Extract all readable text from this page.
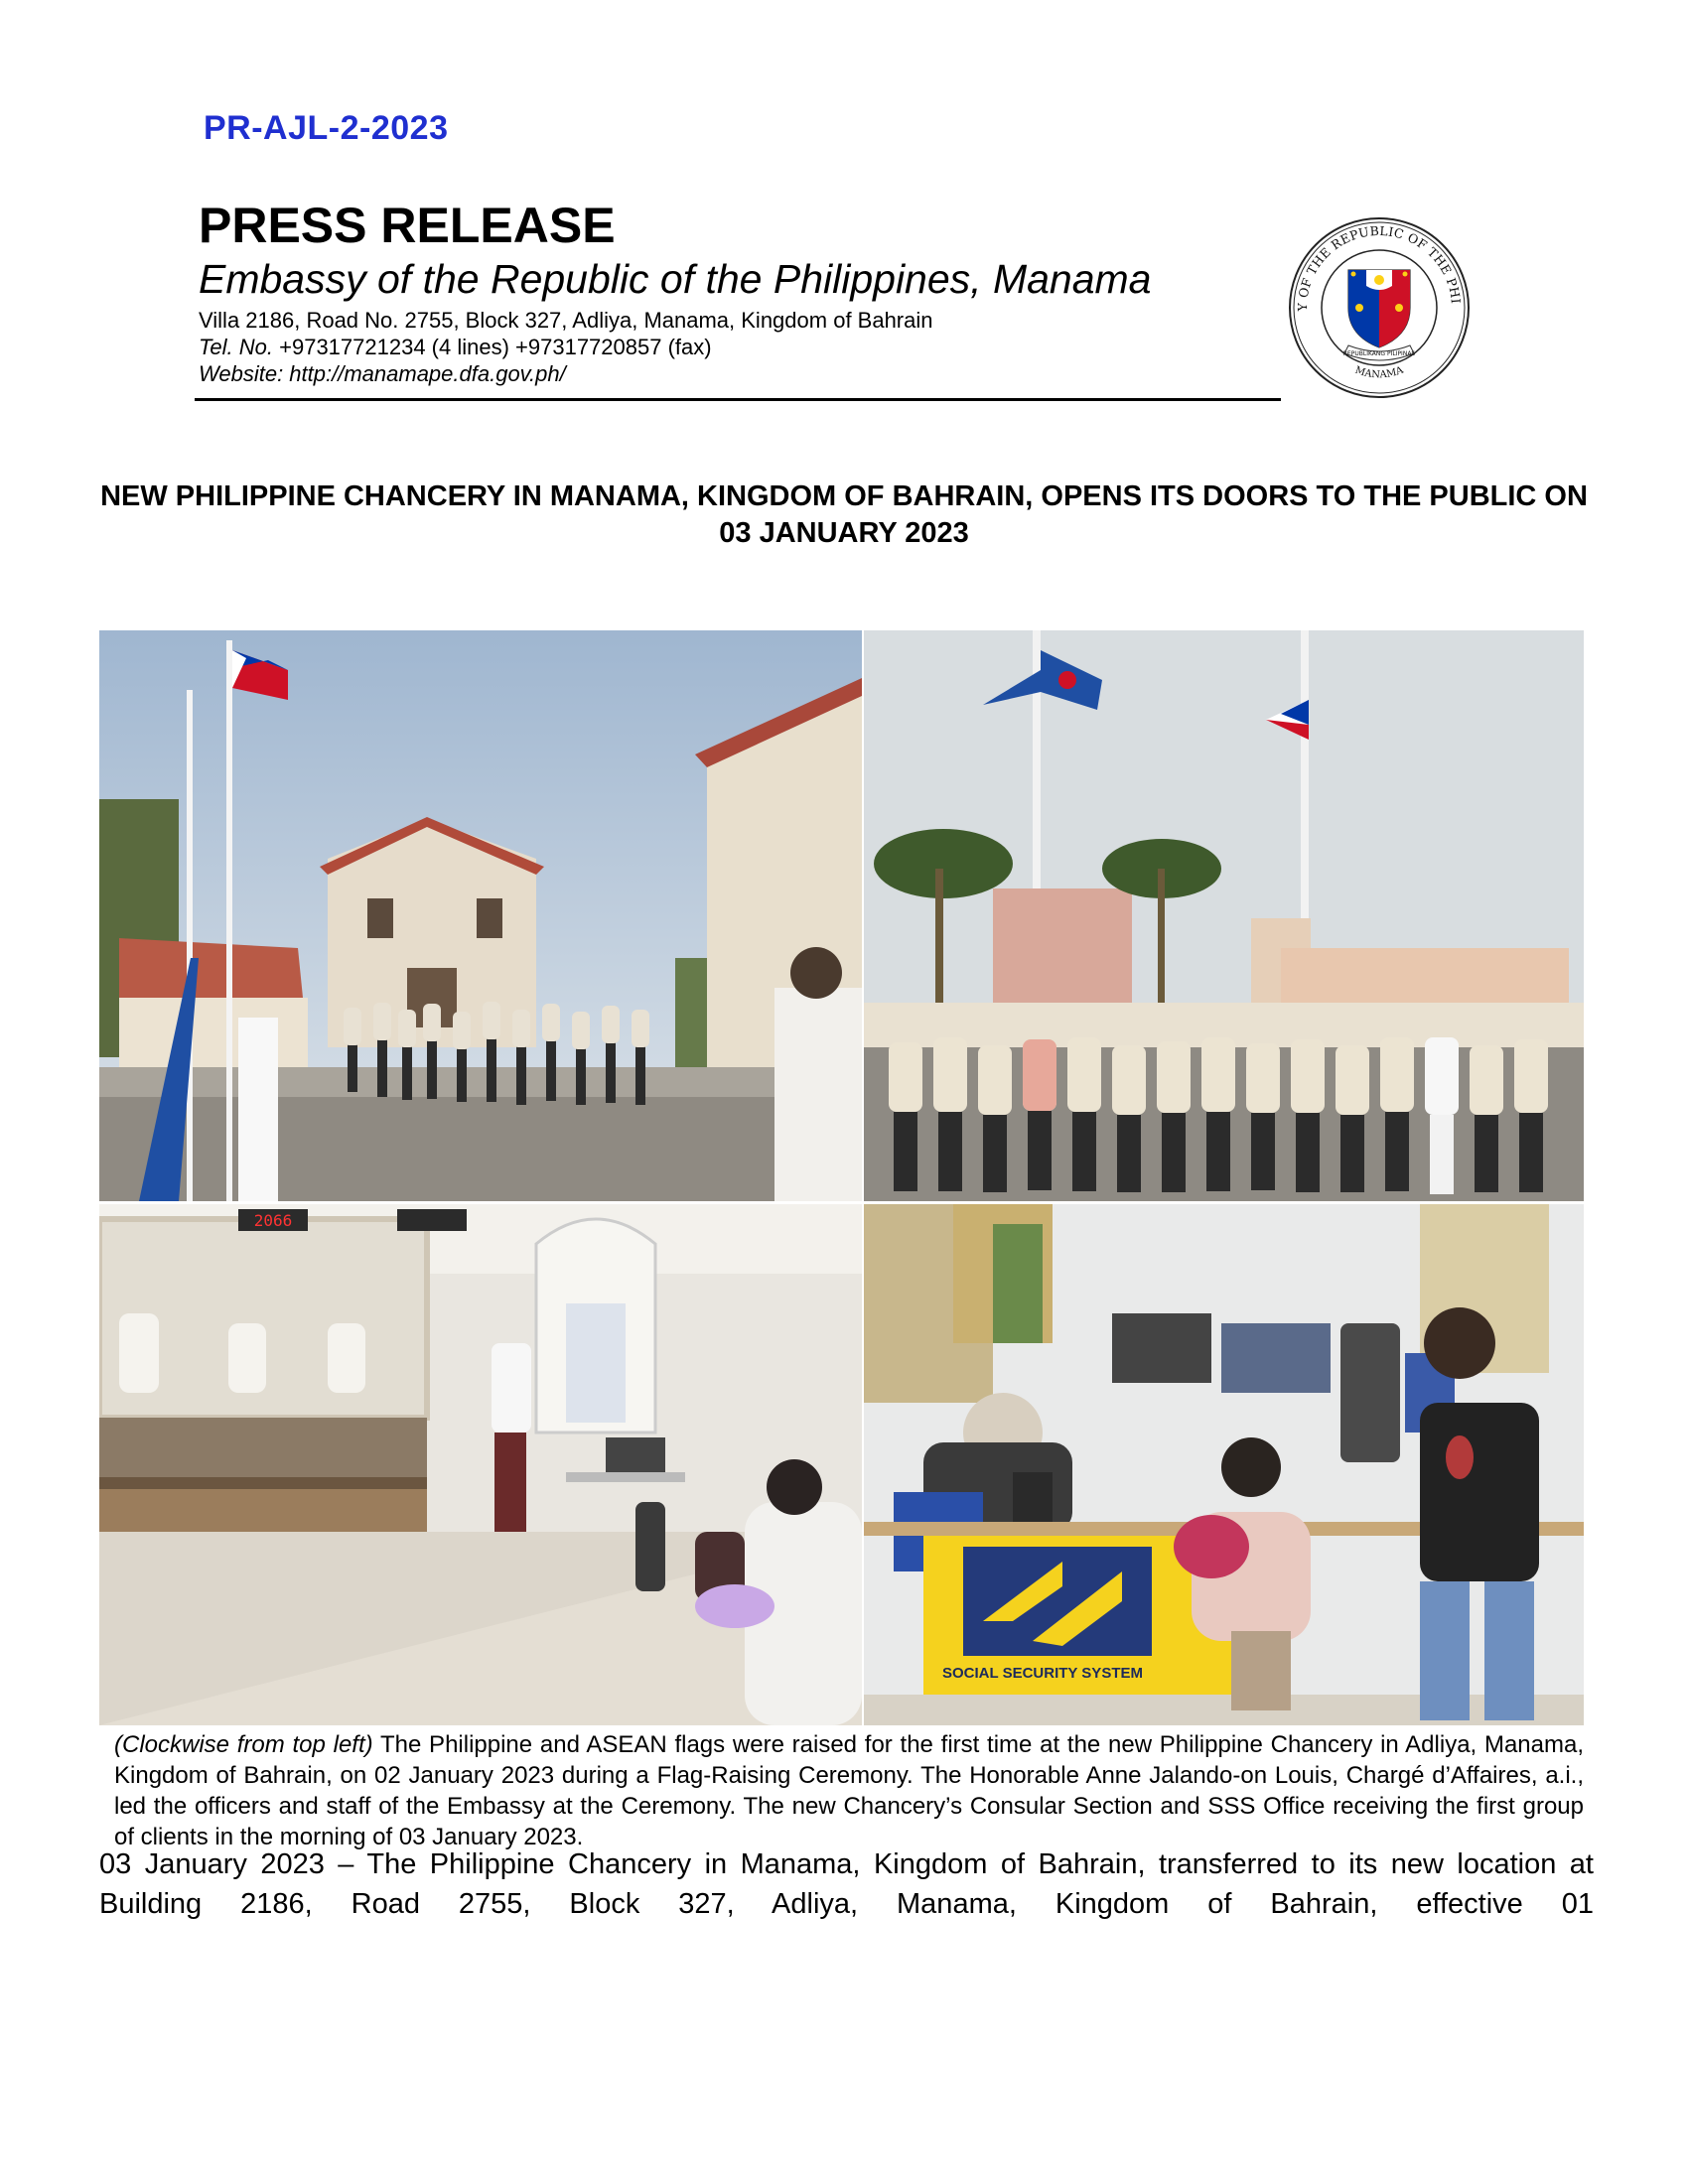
PR-AJL-2-2023
PRESS RELEASE
Embassy of the Republic of the Philippines, Manama
Villa 2186, Road No. 2755, Block 327, Adliya, Manama, Kingdom of Bahrain
Tel. No. +97317721234 (4 lines) +97317720857 (fax)
Website: http://manamape.dfa.gov.ph/
Y OF THE REPUBLIC OF THE PHI
MANAMA
REPUBLIKANG PILIPINAS
NEW PHILIPPINE CHANCERY IN MANAMA, KINGDOM OF BAHRAIN, OPENS ITS DOORS TO THE PUBLIC ON 03 JANUARY 2023
2066
SOCIAL SECURITY SYSTEM
(Clockwise from top left) The Philippine and ASEAN flags were raised for the first time at the new Philippine Chancery in Adliya, Manama, Kingdom of Bahrain, on 02 January 2023 during a Flag-Raising Ceremony. The Honorable Anne Jalando-on Louis, Chargé d’Affaires, a.i., led the officers and staff of the Embassy at the Ceremony. The new Chancery’s Consular Section and SSS Office receiving the first group of clients in the morning of 03 January 2023.
03 January 2023 – The Philippine Chancery in Manama, Kingdom of Bahrain, transferred to its new location at Building 2186, Road 2755, Block 327, Adliya, Manama, Kingdom of Bahrain, effective 01
